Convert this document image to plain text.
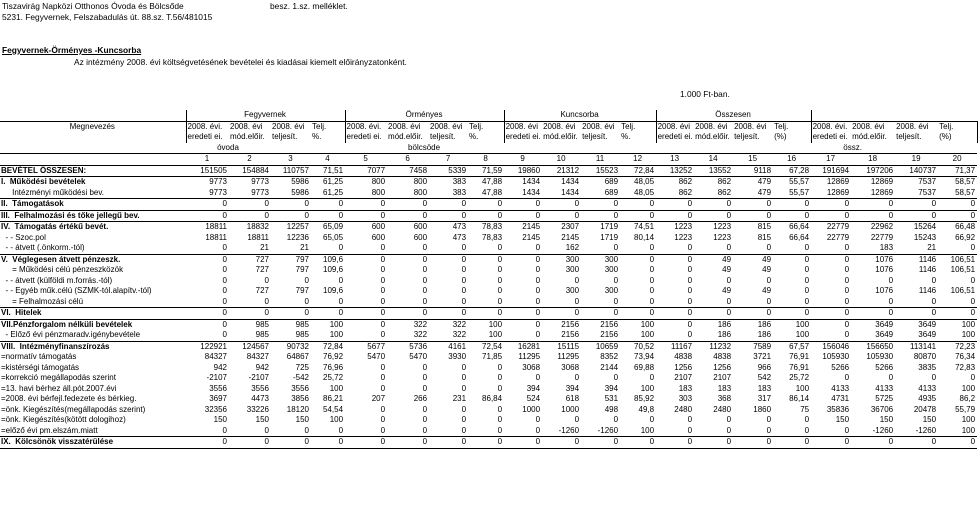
Tiszavirág Napközi Otthonos Óvoda és Bölcsőde	besz. 1.sz. melléklet.
5231. Fegyvernek, Felszabadulás út. 88.sz. T.56/481015
Fegyvernek-Örményes -Kuncsorba
Az intézmény 2008. évi költségvetésének bevételei és kiadásai kiemelt előirányzatonként.
1.000 Ft-ban.
	Fegyvernek				Örményes				Kuncsorba				Összesen							
Megnevezés	2008. évi.	2008. évi	2008. évi	Telj.	2008. évi.	2008. évi	2008. évi	Telj.	2008. évi	2008. évi	2008. évi	Telj.	2008. évi	2008. évi	2008. évi	Telj.	2008. évi.	2008. évi	2008. évi	Telj.
	eredeti ei.	mód.előir.	teljesít.	%.	eredeti ei.	mód.előir.	teljesít.	%.	eredeti ei.	mód.előir.	teljesít.	%.	eredeti ei.	mód.előir.	teljesít.	(%)	eredeti ei.	mód.előir.	teljesít.	(%)
	óvoda				bölcsöde												össz.			
	1	2	3	4	5	6	7	8	9	10	11	12	13	14	15	16	17	18	19	20
BEVÉTEL ÖSSZESEN:	151505	154884	110757	71,51	7077	7458	5339	71,59	19860	21312	15523	72,84	13252	13552	9118	67,28	191694	197206	140737	71,37
I.  Működési bevételek	9773	9773	5986	61,25	800	800	383	47,88	1434	1434	689	48,05	862	862	479	55,57	12869	12869	7537	58,57
Intézményi működési bev.	9773	9773	5986	61,25	800	800	383	47,88	1434	1434	689	48,05	862	862	479	55,57	12869	12869	7537	58,57
II.  Támogatások	0	0	0	0	0	0	0	0	0	0	0	0	0	0	0	0	0	0	0	0
III.  Felhalmozási és tőke jellegű bev.	0	0	0	0	0	0	0	0	0	0	0	0	0	0	0	0	0	0	0	0
IV.  Támogatás értékű bevét.	18811	18832	12257	65,09	600	600	473	78,83	2145	2307	1719	74,51	1223	1223	815	66,64	22779	22962	15264	66,48
- - Szoc.pol	18811	18811	12236	65,05	600	600	473	78,83	2145	2145	1719	80,14	1223	1223	815	66,64	22779	22779	15243	66,92
- - átvett (.önkorm.-tól)	0	21	21	0	0	0	0	0	0	162	0	0	0	0	0	0	0	183	21	0
V.  Véglegesen átvett pénzeszk.	0	727	797	109,6	0	0	0	0	0	300	300	0	0	49	49	0	0	1076	1146	106,51
= Működési célú pénzeszközök	0	727	797	109,6	0	0	0	0	0	300	300	0	0	49	49	0	0	1076	1146	106,51
- - átvett (külföldi m.forrás.-tól)	0	0	0	0	0	0	0	0	0	0	0	0	0	0	0	0	0	0	0	0
- - Egyéb műk.célú (SZMK-tól.alapítv.-tól)	0	727	797	109,6	0	0	0	0	0	300	300	0	0	49	49	0	0	1076	1146	106,51
= Felhalmozási célú	0	0	0	0	0	0	0	0	0	0	0	0	0	0	0	0	0	0	0	0
VI.  Hitelek	0	0	0	0	0	0	0	0	0	0	0	0	0	0	0	0	0	0	0	0
VII.Pénzforgalom nélküli bevételek	0	985	985	100	0	322	322	100	0	2156	2156	100	0	186	186	100	0	3649	3649	100
- Előző évi pénzmaradv.igénybevétele	0	985	985	100	0	322	322	100	0	2156	2156	100	0	186	186	100	0	3649	3649	100
VIII.  Intézményfinanszírozás	122921	124567	90732	72,84	5677	5736	4161	72,54	16281	15115	10659	70,52	11167	11232	7589	67,57	156046	156650	113141	72,23
=normatív támogatás	84327	84327	64867	76,92	5470	5470	3930	71,85	11295	11295	8352	73,94	4838	4838	3721	76,91	105930	105930	80870	76,34
=kistérségi támogatás	942	942	725	76,96	0	0	0	0	3068	3068	2144	69,88	1256	1256	966	76,91	5266	5266	3835	72,83
=korrekció megállapodás szerint	-2107	-2107	-542	25,72	0	0	0	0	0	0	0	0	2107	2107	542	25,72	0	0	0	0
=13. havi bérhez áll.pót.2007.évi	3556	3556	3556	100	0	0	0	0	394	394	394	100	183	183	183	100	4133	4133	4133	100
=2008. évi bérfejl.fedezete és bérkieg.	3697	4473	3856	86,21	207	266	231	86,84	524	618	531	85,92	303	368	317	86,14	4731	5725	4935	86,2
=önk. Kiegészítés(megállapodás szerint)	32356	33226	18120	54,54	0	0	0	0	1000	1000	498	49,8	2480	2480	1860	75	35836	36706	20478	55,79
=önk. Kiegészítés(kötött dologihoz)	150	150	150	100	0	0	0	0	0	0	0	0	0	0	0	0	150	150	150	100
=előző évi pm.elszám.miatt	0	0	0	0	0	0	0	0	0	-1260	-1260	100	0	0	0	0	0	-1260	-1260	100
IX.  Kölcsönök visszatérülése	0	0	0	0	0	0	0	0	0	0	0	0	0	0	0	0	0	0	0	0
